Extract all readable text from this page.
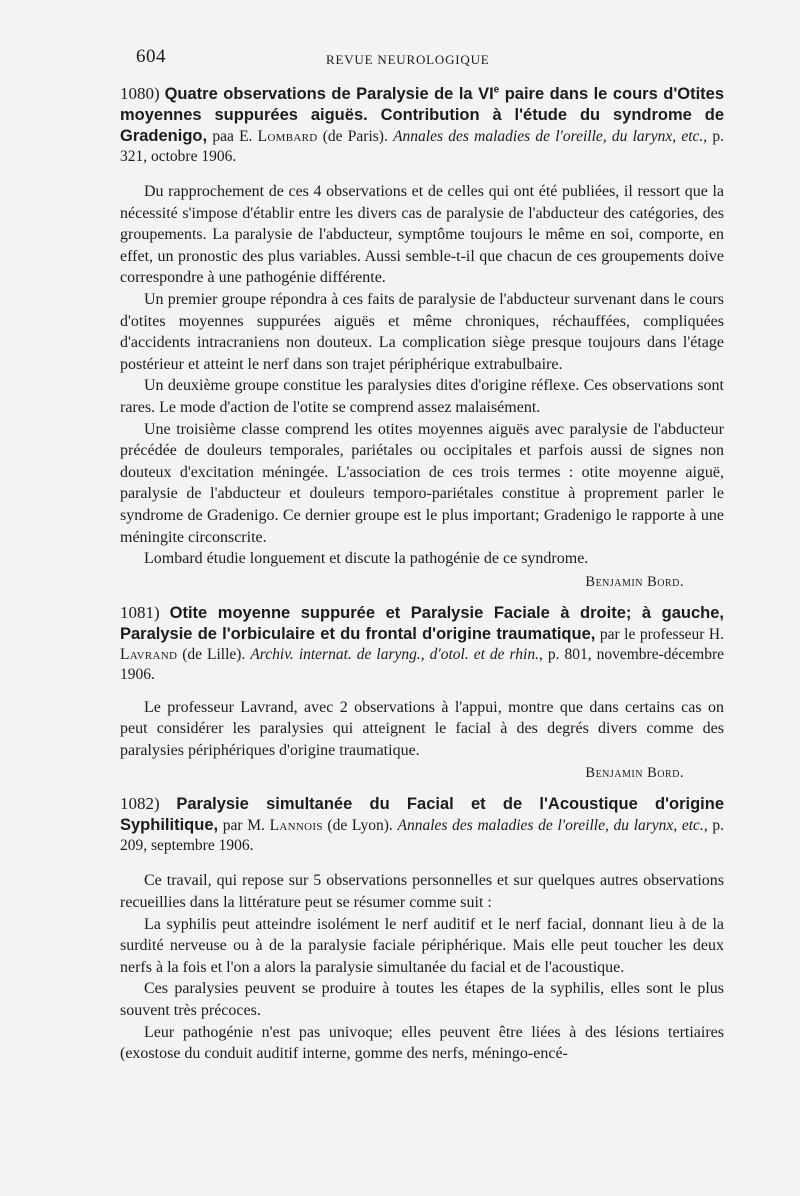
604	REVUE NEUROLOGIQUE

1080) Quatre observations de Paralysie de la VIe paire dans le cours d'Otites moyennes suppurées aiguës. Contribution à l'étude du syndrome de Gradenigo, paa E. Lombard (de Paris). Annales des maladies de l'oreille, du larynx, etc., p. 321, octobre 1906.

Du rapprochement de ces 4 observations et de celles qui ont été publiées, il ressort que la nécessité s'impose d'établir entre les divers cas de paralysie de l'abducteur des catégories, des groupements. La paralysie de l'abducteur, symptôme toujours le même en soi, comporte, en effet, un pronostic des plus variables. Aussi semble-t-il que chacun de ces groupements doive correspondre à une pathogénie différente.

Un premier groupe répondra à ces faits de paralysie de l'abducteur survenant dans le cours d'otites moyennes suppurées aiguës et même chroniques, réchauffées, compliquées d'accidents intracraniens non douteux. La complication siège presque toujours dans l'étage postérieur et atteint le nerf dans son trajet périphérique extrabulbaire.

Un deuxième groupe constitue les paralysies dites d'origine réflexe. Ces observations sont rares. Le mode d'action de l'otite se comprend assez malaisément.

Une troisième classe comprend les otites moyennes aiguës avec paralysie de l'abducteur précédée de douleurs temporales, pariétales ou occipitales et parfois aussi de signes non douteux d'excitation méningée. L'association de ces trois termes : otite moyenne aiguë, paralysie de l'abducteur et douleurs temporo-pariétales constitue à proprement parler le syndrome de Gradenigo. Ce dernier groupe est le plus important; Gradenigo le rapporte à une méningite circonscrite.

Lombard étudie longuement et discute la pathogénie de ce syndrome.

Benjamin Bord.

1081) Otite moyenne suppurée et Paralysie Faciale à droite; à gauche, Paralysie de l'orbiculaire et du frontal d'origine traumatique, par le professeur H. Lavrand (de Lille). Archiv. internat. de laryng., d'otol. et de rhin., p. 801, novembre-décembre 1906.

Le professeur Lavrand, avec 2 observations à l'appui, montre que dans certains cas on peut considérer les paralysies qui atteignent le facial à des degrés divers comme des paralysies périphériques d'origine traumatique.

Benjamin Bord.

1082) Paralysie simultanée du Facial et de l'Acoustique d'origine Syphilitique, par M. Lannois (de Lyon). Annales des maladies de l'oreille, du larynx, etc., p. 209, septembre 1906.

Ce travail, qui repose sur 5 observations personnelles et sur quelques autres observations recueillies dans la littérature peut se résumer comme suit :

La syphilis peut atteindre isolément le nerf auditif et le nerf facial, donnant lieu à de la surdité nerveuse ou à de la paralysie faciale périphérique. Mais elle peut toucher les deux nerfs à la fois et l'on a alors la paralysie simultanée du facial et de l'acoustique.

Ces paralysies peuvent se produire à toutes les étapes de la syphilis, elles sont le plus souvent très précoces.

Leur pathogénie n'est pas univoque; elles peuvent être liées à des lésions tertiaires (exostose du conduit auditif interne, gomme des nerfs, méningo-encé-
